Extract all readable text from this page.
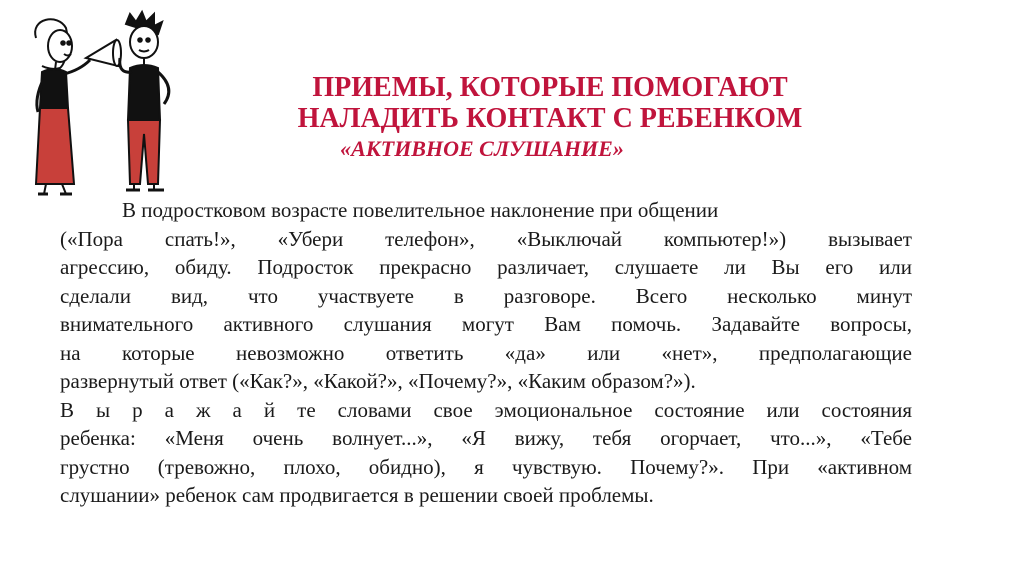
ПРИЕМЫ, КОТОРЫЕ ПОМОГАЮТ
НАЛАДИТЬ КОНТАКТ С РЕБЕНКОМ

«АКТИВНОЕ СЛУШАНИЕ»

В подростковом возрасте повелительное наклонение при общении
(«Пора спать!», «Убери телефон», «Выключай компьютер!») вызывает
агрессию, обиду. Подросток прекрасно различает, слушаете ли Вы его или
сделали вид, что участвуете в разговоре. Всего несколько минут
внимательного активного слушания могут Вам помочь. Задавайте вопросы,
на которые невозможно ответить «да» или «нет», предполагающие
развернутый ответ («Как?», «Какой?», «Почему?», «Каким образом?»).
В ы р а ж а й те словами свое эмоциональное состояние или состояния
ребенка: «Меня очень волнует...», «Я вижу, тебя огорчает, что...», «Тебе
грустно (тревожно, плохо, обидно), я чувствую. Почему?». При «активном
слушании» ребенок сам продвигается в решении своей проблемы.
